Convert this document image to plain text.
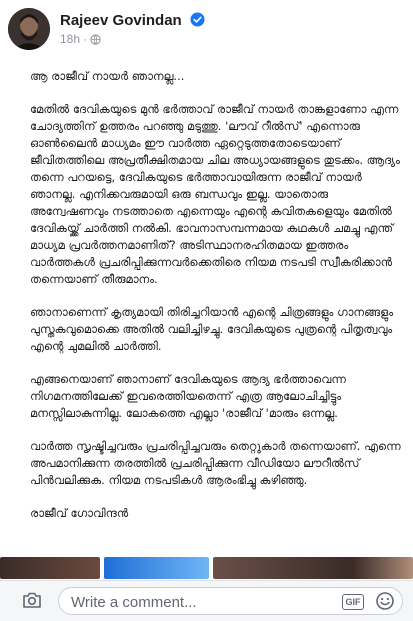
Rajeev Govindan
18h ·

ആ രാജീവ് നായർ ഞാനല്ല...

മേതിൽ ദേവികയുടെ മുൻ ഭർത്താവ് രാജീവ് നായർ താങ്കളാണോ എന്ന ചോദ്യത്തിന് ഉത്തരം പറഞ്ഞു മടുത്തു. 'ലൗവ് റീൽസ്' എന്നൊരു ഓൺലൈൻ മാധ്യമം ഈ വാർത്ത ഏറ്റെടുത്തതോടെയാണ് ജീവിതത്തിലെ അപ്രതീക്ഷിതമായ ചില അധ്യായങ്ങളുടെ തുടക്കം. ആദ്യം തന്നെ പറയട്ടെ, ദേവികയുടെ ഭർത്താവായിരുന്ന രാജീവ് നായർ ഞാനല്ല. എനിക്കവരുമായി ഒരു ബന്ധവും ഇല്ല. യാതൊരു അന്വേഷണവും നടത്താതെ എന്നെയും എന്റെ കവിതകളെയും മേതിൽ ദേവികയ്ക്ക് ചാർത്തി നൽകി. ഭാവനാസമ്പന്നമായ കഥകൾ ചമച്ചു എന്ത് മാധ്യമ പ്രവർത്തനമാണിത്? അടിസ്ഥാനരഹിതമായ ഇത്തരം വാർത്തകൾ പ്രചരിപ്പിക്കുന്നവർക്കെതിരെ നിയമ നടപടി സ്വീകരിക്കാൻ തന്നെയാണ് തീരുമാനം.

ഞാനാണെന്ന് കൃത്യമായി തിരിച്ചറിയാൻ എന്റെ ചിത്രങ്ങളും ഗാനങ്ങളും പുസ്തകവുമൊക്കെ അതിൽ വലിച്ചിഴച്ചു. ദേവികയുടെ പുത്രന്റെ പിതൃത്വവും എന്റെ ചുമലിൽ ചാർത്തി.

എങ്ങനെയാണ് ഞാനാണ് ദേവികയുടെ ആദ്യ ഭർത്താവെന്ന നിഗമനത്തിലേക്ക് ഇവരെത്തിയതെന്ന് എത്ര ആലോചിച്ചിട്ടും മനസ്സിലാകുന്നില്ല. ലോകത്തെ എല്ലാ 'രാജീവ് 'മാരും ഒന്നല്ല.

വാർത്ത സൃഷ്ടിച്ചവരും പ്രചരിപ്പിച്ചവരും തെറ്റുകാർ തന്നെയാണ്. എന്നെ അപമാനിക്കുന്ന തരത്തിൽ പ്രചരിപ്പിക്കുന്ന വീഡിയോ ലൗറീൽസ് പിൻവലിക്കുക. നിയമ നടപടികൾ ആരംഭിച്ചു കഴിഞ്ഞു.

രാജീവ് ഗോവിന്ദൻ

Write a comment...
GIF
